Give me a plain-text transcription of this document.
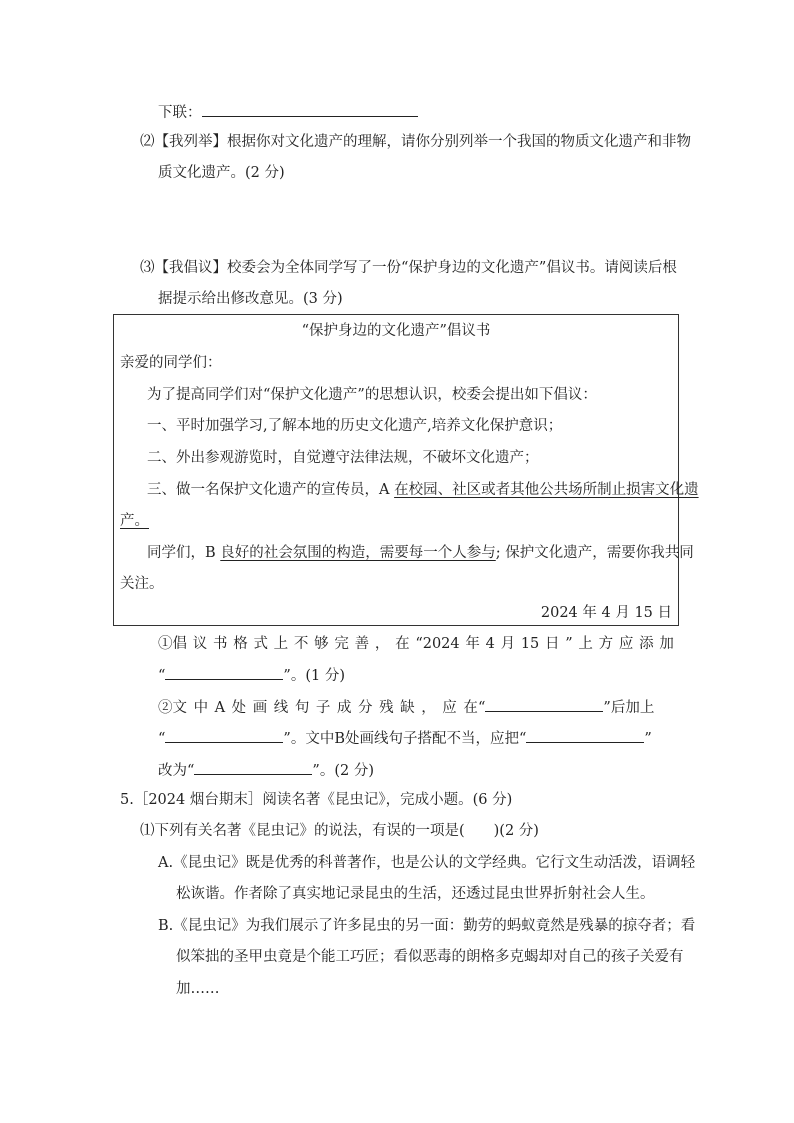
下联：
⑵【我列举】根据你对文化遗产的理解，请你分别列举一个我国的物质文化遗产和非物
质文化遗产。(2 分)
⑶【我倡议】校委会为全体同学写了一份“保护身边的文化遗产”倡议书。请阅读后根
据提示给出修改意见。(3 分)
“保护身边的文化遗产”倡议书
亲爱的同学们：
为了提高同学们对“保护文化遗产”的思想认识，校委会提出如下倡议：
一、平时加强学习,了解本地的历史文化遗产,培养文化保护意识；
二、外出参观游览时，自觉遵守法律法规，不破坏文化遗产；
三、做一名保护文化遗产的宣传员，A 在校园、社区或者其他公共场所制止损害文化遗
产。
同学们，B 良好的社会氛围的构造，需要每一个人参与; 保护文化遗产，需要你我共同
关注。
2024 年 4 月 15 日
①倡 议 书 格 式 上 不 够 完 善 ， 在 “2024 年 4 月 15 日 ” 上 方 应 添 加
“	”。(1 分)
②文 中 A 处 画 线 句 子 成 分 残 缺 ， 应 在 “	”后加上
“	”。文中B处画线句子搭配不当，应把“	”
改为“	”。(2 分)
5.［2024 烟台期末］阅读名著《昆虫记》，完成小题。(6 分)
⑴下列有关名著《昆虫记》的说法，有误的一项是(　　)(2 分)
A.《昆虫记》既是优秀的科普著作，也是公认的文学经典。它行文生动活泼，语调轻
松诙谐。作者除了真实地记录昆虫的生活，还透过昆虫世界折射社会人生。
B.《昆虫记》为我们展示了许多昆虫的另一面：勤劳的蚂蚁竟然是残暴的掠夺者；看
似笨拙的圣甲虫竟是个能工巧匠；看似恶毒的朗格多克蝎却对自己的孩子关爱有
加……
